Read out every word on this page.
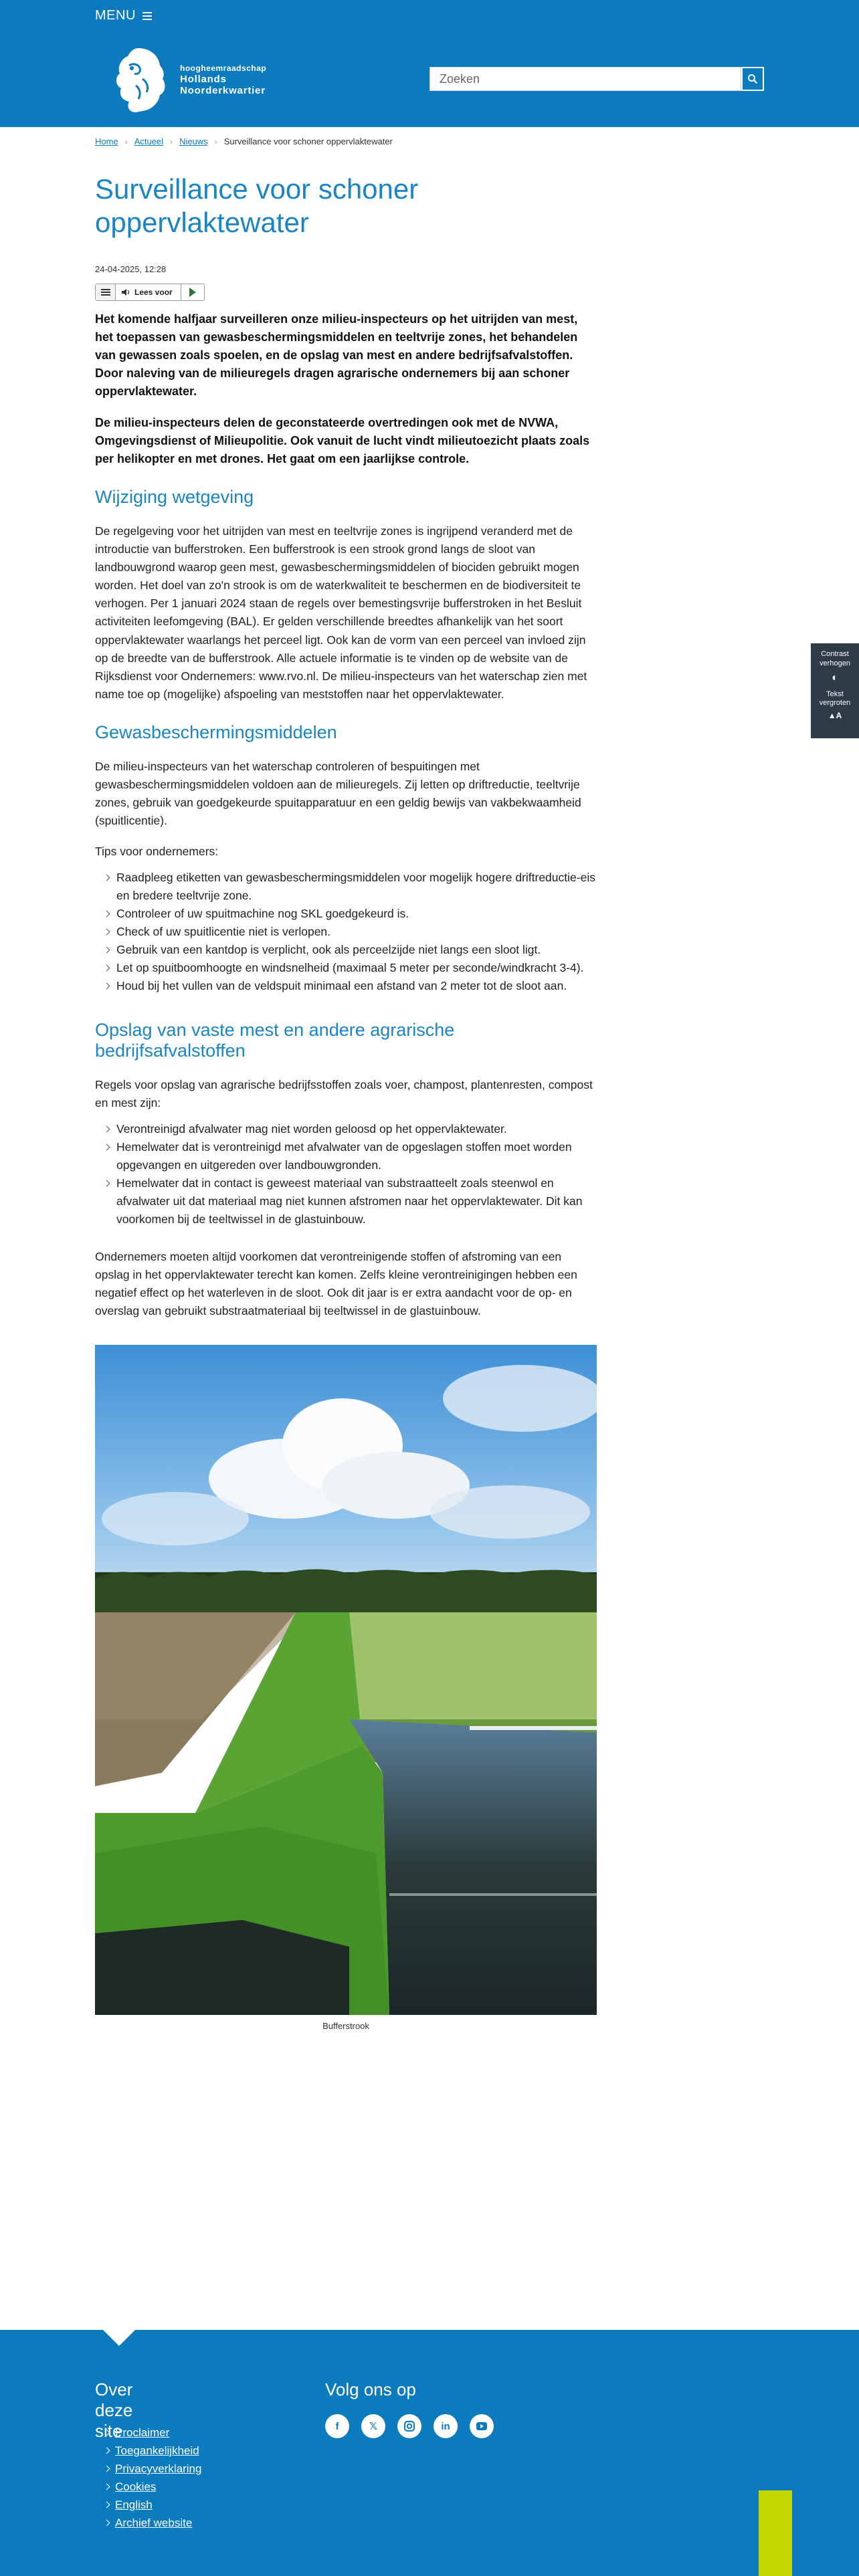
MENU
hoogheemraadschap
Hollands
Noorderkwartier
Zoeken
Home › Actueel › Nieuws › Surveillance voor schoner oppervlaktewater
Surveillance voor schoner oppervlaktewater
24-04-2025, 12:28
Lees voor

Het komende halfjaar surveilleren onze milieu-inspecteurs op het uitrijden van mest, het toepassen van gewasbeschermingsmiddelen en teeltvrije zones, het behandelen van gewassen zoals spoelen, en de opslag van mest en andere bedrijfsafvalstoffen. Door naleving van de milieuregels dragen agrarische ondernemers bij aan schoner oppervlaktewater.

De milieu-inspecteurs delen de geconstateerde overtredingen ook met de NVWA, Omgevingsdienst of Milieupolitie. Ook vanuit de lucht vindt milieutoezicht plaats zoals per helikopter en met drones. Het gaat om een jaarlijkse controle.

Wijziging wetgeving

De regelgeving voor het uitrijden van mest en teeltvrije zones is ingrijpend veranderd met de introductie van bufferstroken. Een bufferstrook is een strook grond langs de sloot van landbouwgrond waarop geen mest, gewasbeschermingsmiddelen of biociden gebruikt mogen worden. Het doel van zo'n strook is om de waterkwaliteit te beschermen en de biodiversiteit te verhogen. Per 1 januari 2024 staan de regels over bemestingsvrije bufferstroken in het Besluit activiteiten leefomgeving (BAL). Er gelden verschillende breedtes afhankelijk van het soort oppervlaktewater waarlangs het perceel ligt. Ook kan de vorm van een perceel van invloed zijn op de breedte van de bufferstrook. Alle actuele informatie is te vinden op de website van de Rijksdienst voor Ondernemers: www.rvo.nl. De milieu-inspecteurs van het waterschap zien met name toe op (mogelijke) afspoeling van meststoffen naar het oppervlaktewater.

Gewasbeschermingsmiddelen

De milieu-inspecteurs van het waterschap controleren of bespuitingen met gewasbeschermingsmiddelen voldoen aan de milieuregels. Zij letten op driftreductie, teeltvrije zones, gebruik van goedgekeurde spuitapparatuur en een geldig bewijs van vakbekwaamheid (spuitlicentie).

Tips voor ondernemers:

Raadpleeg etiketten van gewasbeschermingsmiddelen voor mogelijk hogere driftreductie-eis en bredere teeltvrije zone.
Controleer of uw spuitmachine nog SKL goedgekeurd is.
Check of uw spuitlicentie niet is verlopen.
Gebruik van een kantdop is verplicht, ook als perceelzijde niet langs een sloot ligt.
Let op spuitboomhoogte en windsnelheid (maximaal 5 meter per seconde/windkracht 3-4).
Houd bij het vullen van de veldspuit minimaal een afstand van 2 meter tot de sloot aan.
Opslag van vaste mest en andere agrarische bedrijfsafvalstoffen

Regels voor opslag van agrarische bedrijfsstoffen zoals voer, champost, plantenresten, compost en mest zijn:

Verontreinigd afvalwater mag niet worden geloosd op het oppervlaktewater.
Hemelwater dat is verontreinigd met afvalwater van de opgeslagen stoffen moet worden opgevangen en uitgereden over landbouwgronden.
Hemelwater dat in contact is geweest materiaal van substraatteelt zoals steenwol en afvalwater uit dat materiaal mag niet kunnen afstromen naar het oppervlaktewater. Dit kan voorkomen bij de teeltwissel in de glastuinbouw.

Ondernemers moeten altijd voorkomen dat verontreinigende stoffen of afstroming van een opslag in het oppervlaktewater terecht kan komen. Zelfs kleine verontreinigingen hebben een negatief effect op het waterleven in de sloot. Ook dit jaar is er extra aandacht voor de op- en overslag van gebruikt substraatmateriaal bij teeltwissel in de glastuinbouw.

Bufferstrook
Contrast verhogen
◐
Tekst vergroten
▲A
Over deze site
Proclaimer
Toegankelijkheid
Privacyverklaring
Cookies
English
Archief website
Volg ons op
f	𝕏	in
